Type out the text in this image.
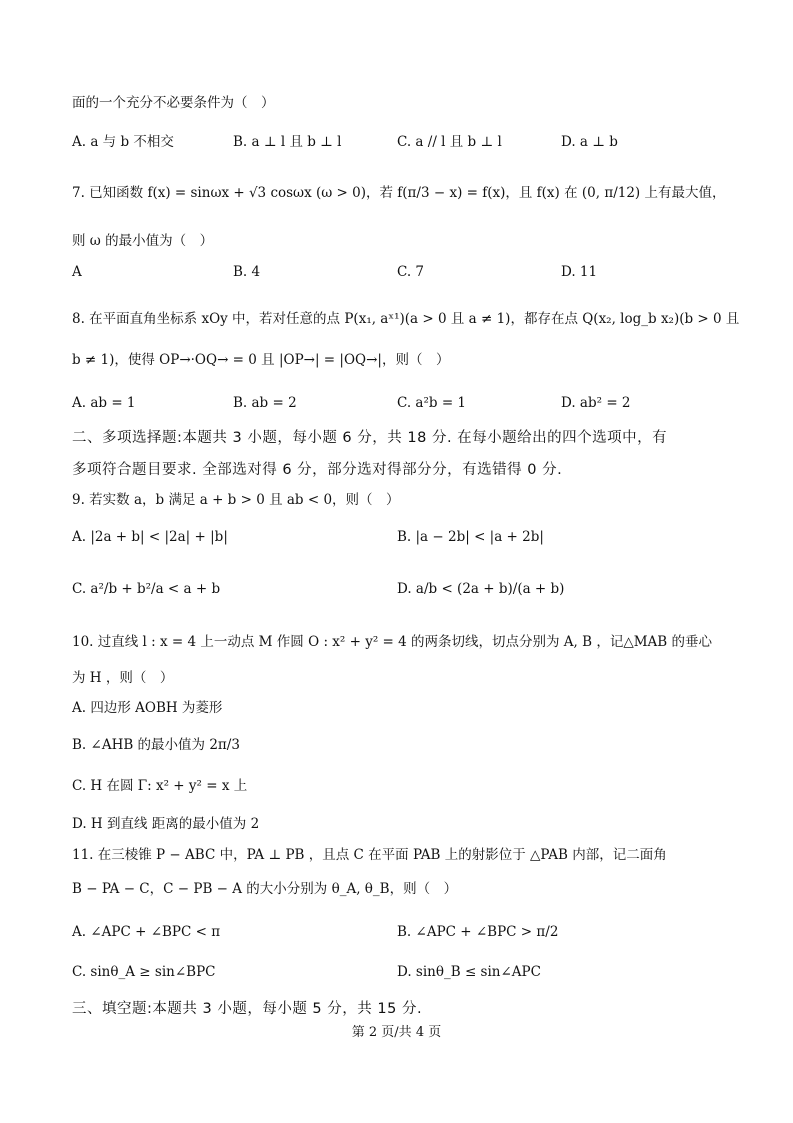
面的一个充分不必要条件为（　）
A. a 与 b 不相交	B. a ⊥ l 且 b ⊥ l	C. a // l 且 b ⊥ l	D. a ⊥ b
7. 已知函数 f(x) = sinωx + √3 cosωx (ω > 0)，若 f(π/3 − x) = f(x)，且 f(x) 在 (0, π/12) 上有最大值，
则 ω 的最小值为（　）
A	B. 4	C. 7	D. 11
8. 在平面直角坐标系 xOy 中，若对任意的点 P(x₁, aˣ¹)(a > 0 且 a ≠ 1)，都存在点 Q(x₂, log_b x₂)(b > 0 且
b ≠ 1)，使得 OP→·OQ→ = 0 且 |OP→| = |OQ→|，则（　）
A. ab = 1	B. ab = 2	C. a²b = 1	D. ab² = 2
二、多项选择题:本题共 3 小题，每小题 6 分，共 18 分. 在每小题给出的四个选项中，有
多项符合题目要求. 全部选对得 6 分，部分选对得部分分，有选错得 0 分.
9. 若实数 a，b 满足 a + b > 0 且 ab < 0，则（　）
A. |2a + b| < |2a| + |b|	B. |a − 2b| < |a + 2b|
C. a²/b + b²/a < a + b	D. a/b < (2a + b)/(a + b)
10. 过直线 l : x = 4 上一动点 M 作圆 O : x² + y² = 4 的两条切线，切点分别为 A, B ，记△MAB 的垂心
为 H ，则（　）
A. 四边形 AOBH 为菱形
B. ∠AHB 的最小值为 2π/3
C. H 在圆 Γ: x² + y² = x 上
D. H 到直线 距离的最小值为 2
11. 在三棱锥 P − ABC 中，PA ⊥ PB ，且点 C 在平面 PAB 上的射影位于 △PAB 内部，记二面角
B − PA − C，C − PB − A 的大小分别为 θ_A, θ_B，则（　）
A. ∠APC + ∠BPC < π	B. ∠APC + ∠BPC > π/2
C. sinθ_A ≥ sin∠BPC	D. sinθ_B ≤ sin∠APC
三、填空题:本题共 3 小题，每小题 5 分，共 15 分.
第 2 页/共 4 页
